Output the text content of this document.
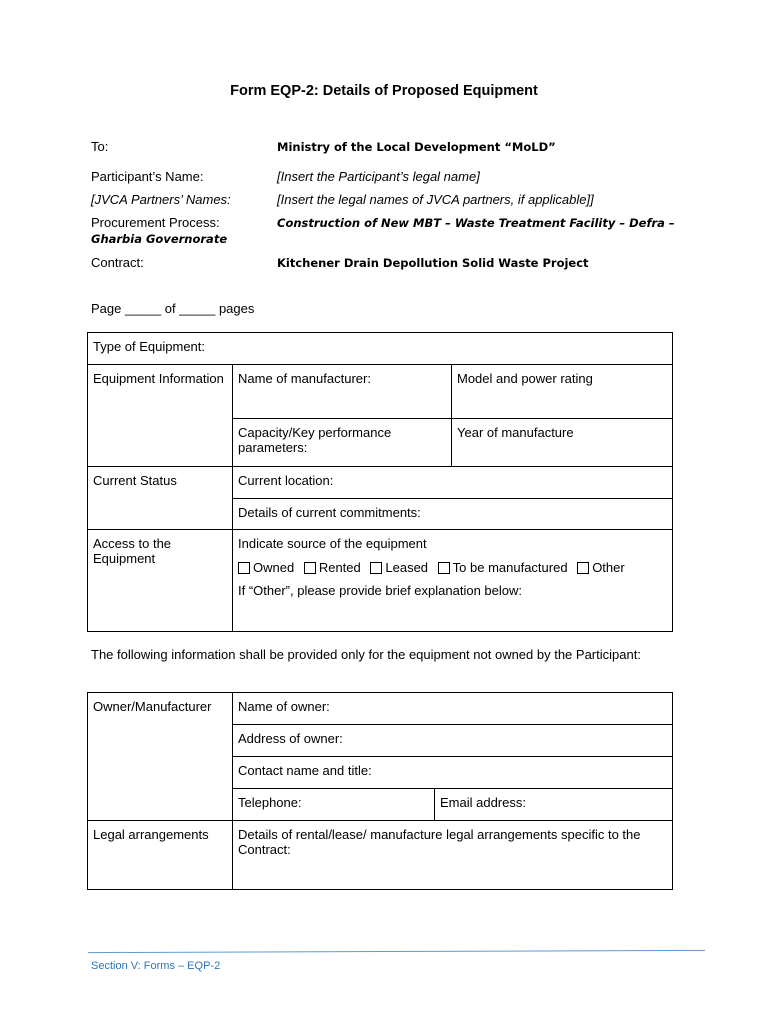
Form EQP-2: Details of Proposed Equipment
To:	Ministry of the Local Development “MoLD”
Participant’s Name:	[Insert the Participant’s legal name]
[JVCA Partners’ Names:	[Insert the legal names of JVCA partners, if applicable]]
Procurement Process:	Construction of New MBT – Waste Treatment Facility – Defra –
Gharbia Governorate
Contract:	Kitchener Drain Depollution Solid Waste Project
Page _____ of _____ pages
Type of Equipment:		
Equipment Information	Name of manufacturer:	Model and power rating
	Capacity/Key performance parameters:	Year of manufacture
Current Status	Current location:	
	Details of current commitments:	
Access to the Equipment	Indicate source of the equipment
Owned Rented Leased To be manufactured Other
If “Other”, please provide brief explanation below:	
The following information shall be provided only for the equipment not owned by the Participant:
Owner/Manufacturer	Name of owner:	
	Address of owner:	
	Contact name and title:	
	Telephone:	Email address:
Legal arrangements	Details of rental/lease/ manufacture legal arrangements specific to the Contract:	
Section V: Forms – EQP-2
